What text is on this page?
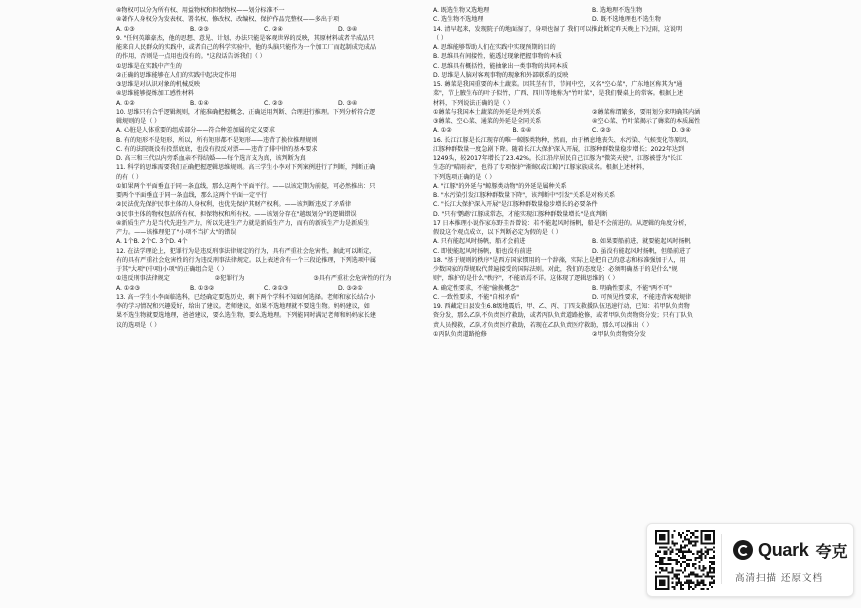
④物权可以分为所有权、用益物权和担保物权——划分标准不一
④著作人身权分为发表权、署名权、修改权、改编权、保护作品完整权——多出于项
A. ①③	B. ②③	C. ②④	D. ③④
9. "任何英雄豪杰，他的思想、意见、计划、办法只能是客观世界的反映，其原材料或者半成品只
能来自人民群众的实践中，或者自己的科学实验中，他的头脑只能作为一个加工厂而起制成完成品
的作用，否则是一点用也没有的。"这段话告诉我们（ ）
①思维是在实践中产生的
②正确的思维能够在人们的实践中起决定作用
③思维是对认识对象的机械反映
④思维能够提炼加工感性材料
A. ①②	B. ①④	C. ②③	D. ③④
10. 思维只有合乎逻辑规则，才能准确把握概念、正确运用判断、合理进行推理。下列分析符合逻
辑规则的是（ ）
A. 心脏是人体重要的组成部分——符合种差加属的定义要求
B. 有的矩形不是矩形，所以，所有矩形都不是矩形——违背了换位推理规则
C. 有的法院既没有投票底底，也没有投反对票——违背了排中律的基本要求
D. 高三和三代以内旁系血亲不得结婚——每个选言支为真，该判断为真
11. 科学的思维需要我们正确把握逻辑思维规则。高三学生小李对下列案例进行了判断，判断正确
的有（ ）
①如果两个平面垂直于同一条直线，那么这两个平面平行。——以该定期为前提，可必然推出：只
要两个平面垂直于同一条直线，那么这两个平面一定平行
②民法优先保护民事主体的人身权利，也优先保护其财产权利。——该判断违反了矛盾律
③民事主体的物权包括所有权、担保物权和所有权。——该划分存在"越级划分"的逻辑错误
④新质生产力是当代先进生产力，所以先进生产力就是新质生产力，而有的新质生产力是新质生
产力。——该推理犯了"小项不当扩大"的错误
A. 1个B. 2个C. 3个D. 4个
12. 在法学理论上，犯罪行为是违反刑事法律规定的行为，具有严重社会危害性，据此可以断定，
有的具有严重社会危害性的行为违反刑事法律规定。以上表述含有一个三段论推理，下列选项中属
于其"大项"(中项)小项"的正确组合是（ ）
①违反刑事法律规定	②犯罪行为	③具有严重社会危害性的行为
A. ①②③	B. ①③②	C. ②①③	D. ③②①
13. 高一学生小李面临选科，已经确定要选历史，剩下两个学科不知如何选择。老师和家长结合小
李的学习情况和兴趣爱好，给出了建议。老师建议，如果不选地理就不要选生物。妈妈建议，如
果不选生物就要选地理，爸爸建议，要么选生物，要么选地理。下列能同时满足老师和妈妈家长建
议的选项是（ ）
A. 既选生物又选地理	B. 选地理不选生物
C. 选生物不选地理	D. 既不选地理也不选生物
14. 清早起来，发现院子的地面湿了，身项也湿了 我们可以推此断定昨天晚上下过雨，这说明
（ ）
A. 思维能够帮助人们在实践中实现预期的目的
B. 思维具有间接性，能透过现象把握事物的本质
C. 思维具有概括性，能抽象出一类事物的共同本质
D. 思维是人脑对客观事物的现象和外部联系的反映
15. 薅菜是我国重要的本土蔬菜。因其茎有节，节间中空，又名"空心菜"，广东地区称其为"通
菜"，节上腋生布的叶子似竹，广西、四川等地称为"竹叶菜"，是我们餐桌上的常客。根据上述
材料，下列说法正确的是（ ）
①薅菜与我国本土蔬菜的外延是并列关系	②薅菜称谓繁多，要用划分来明确其内涵
③薅菜、空心菜、通菜的外延是全同关系	④空心菜、竹叶菜揭示了薅菜的本质属性
A. ①②	B. ①④	C. ②③	D. ③④
16. 长江江豚是长江现存的唯一鲸豚类物种，然而，由于栖息地丧失、水污染、气候变化等原因，
江豚种群数量一度急剧下降。随着长江大保护深入开展，江豚种群数量稳步增长；2022年达到
1249头，较2017年增长了23.42%。长江沿岸居民自己江豚为"微笑天使"，江豚被誉为"长江
生态的"晴雨表"，也得了专项保护"渐鲸(或江鲸)"江豚家族成名。根据上述材料，
下列选项正确的是（ ）
A. "江豚"的外延与"鲸豚类动物"的外延是属种关系
B. "水污染引发江豚种群数量下降"，该判断中"引发"关系是对称关系
C. "长江大保护深入开展"是江豚种群数量稳步增长的必要条件
D. "只有'鹦鹉'江豚成常态，才能实现江豚种群数量增长"是真判断
17 日本推理小说作家东野圭吾曾说：若不能起风时扬帆，船是不会前进的。从逻辑的角度分析，
假设这个观点成立，以下判断必定为假的是（ ）
A. 只有能起风时扬帆，船才会前进	B. 如果要船前进，就要能起风时扬帆
C. 即使能起风时扬帆，船也没有前进	D. 虽没有能起风时扬帆，但船前进了
18. "基于规则的秩序"是西方国家惯用的一个辞藻，实际上是把自己的意志和标准强加于人，用
少数国家的帮规取代普遍接受的国际法则。对此，我们的态度是：必须明确基于的是什么"规
则"，维护的是什么"秩序"，不能语焉不详。这体现了逻辑思维的（ ）
A. 确定性要求，不能"偷换概念"	B. 明确性要求，不能"两不可"
C. 一致性要求，不能"自相矛盾"	D. 可预见性要求，不能违背客观规律
19. 西藏定日县发生6.8级地震后，甲、乙、丙、丁四支救援队伍迅速行动，已知：若甲队负责物
资分发，那么乙队不负责医疗救助，或者丙队负责道路抢修，或者甲队负责物资分发；只有丁队负
责人员搜救，乙队才负责医疗救助，若现在乙队负责医疗救助，那么可以推出（ ）
①丙队负责道路抢修	②甲队负责物资分发
Quark 夸克
高清扫描 还原文档
